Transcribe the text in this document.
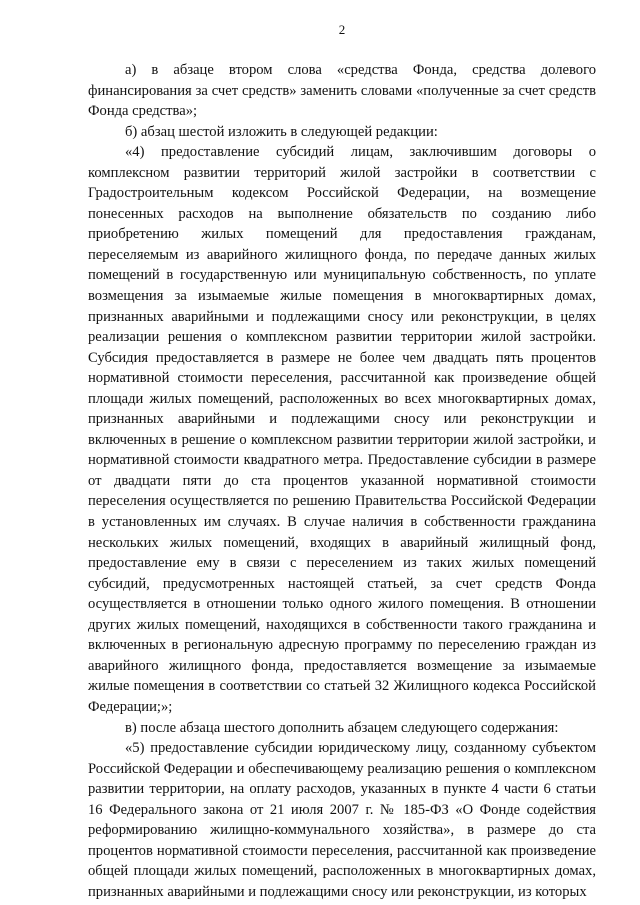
2

а) в абзаце втором слова «средства Фонда, средства долевого финансирования за счет средств» заменить словами «полученные за счет средств Фонда средства»;

б) абзац шестой изложить в следующей редакции:

«4) предоставление субсидий лицам, заключившим договоры о комплексном развитии территорий жилой застройки в соответствии с Градостроительным кодексом Российской Федерации, на возмещение понесенных расходов на выполнение обязательств по созданию либо приобретению жилых помещений для предоставления гражданам, переселяемым из аварийного жилищного фонда, по передаче данных жилых помещений в государственную или муниципальную собственность, по уплате возмещения за изымаемые жилые помещения в многоквартирных домах, признанных аварийными и подлежащими сносу или реконструкции, в целях реализации решения о комплексном развитии территории жилой застройки. Субсидия предоставляется в размере не более чем двадцать пять процентов нормативной стоимости переселения, рассчитанной как произведение общей площади жилых помещений, расположенных во всех многоквартирных домах, признанных аварийными и подлежащими сносу или реконструкции и включенных в решение о комплексном развитии территории жилой застройки, и нормативной стоимости квадратного метра. Предоставление субсидии в размере от двадцати пяти до ста процентов указанной нормативной стоимости переселения осуществляется по решению Правительства Российской Федерации в установленных им случаях. В случае наличия в собственности гражданина нескольких жилых помещений, входящих в аварийный жилищный фонд, предоставление ему в связи с переселением из таких жилых помещений субсидий, предусмотренных настоящей статьей, за счет средств Фонда осуществляется в отношении только одного жилого помещения. В отношении других жилых помещений, находящихся в собственности такого гражданина и включенных в региональную адресную программу по переселению граждан из аварийного жилищного фонда, предоставляется возмещение за изымаемые жилые помещения в соответствии со статьей 32 Жилищного кодекса Российской Федерации;»;

в) после абзаца шестого дополнить абзацем следующего содержания:

«5) предоставление субсидии юридическому лицу, созданному субъектом Российской Федерации и обеспечивающему реализацию решения о комплексном развитии территории, на оплату расходов, указанных в пункте 4 части 6 статьи 16 Федерального закона от 21 июля 2007 г. № 185-ФЗ «О Фонде содействия реформированию жилищно-коммунального хозяйства», в размере до ста процентов нормативной стоимости переселения, рассчитанной как произведение общей площади жилых помещений, расположенных в многоквартирных домах, признанных аварийными и подлежащими сносу или реконструкции, из которых
